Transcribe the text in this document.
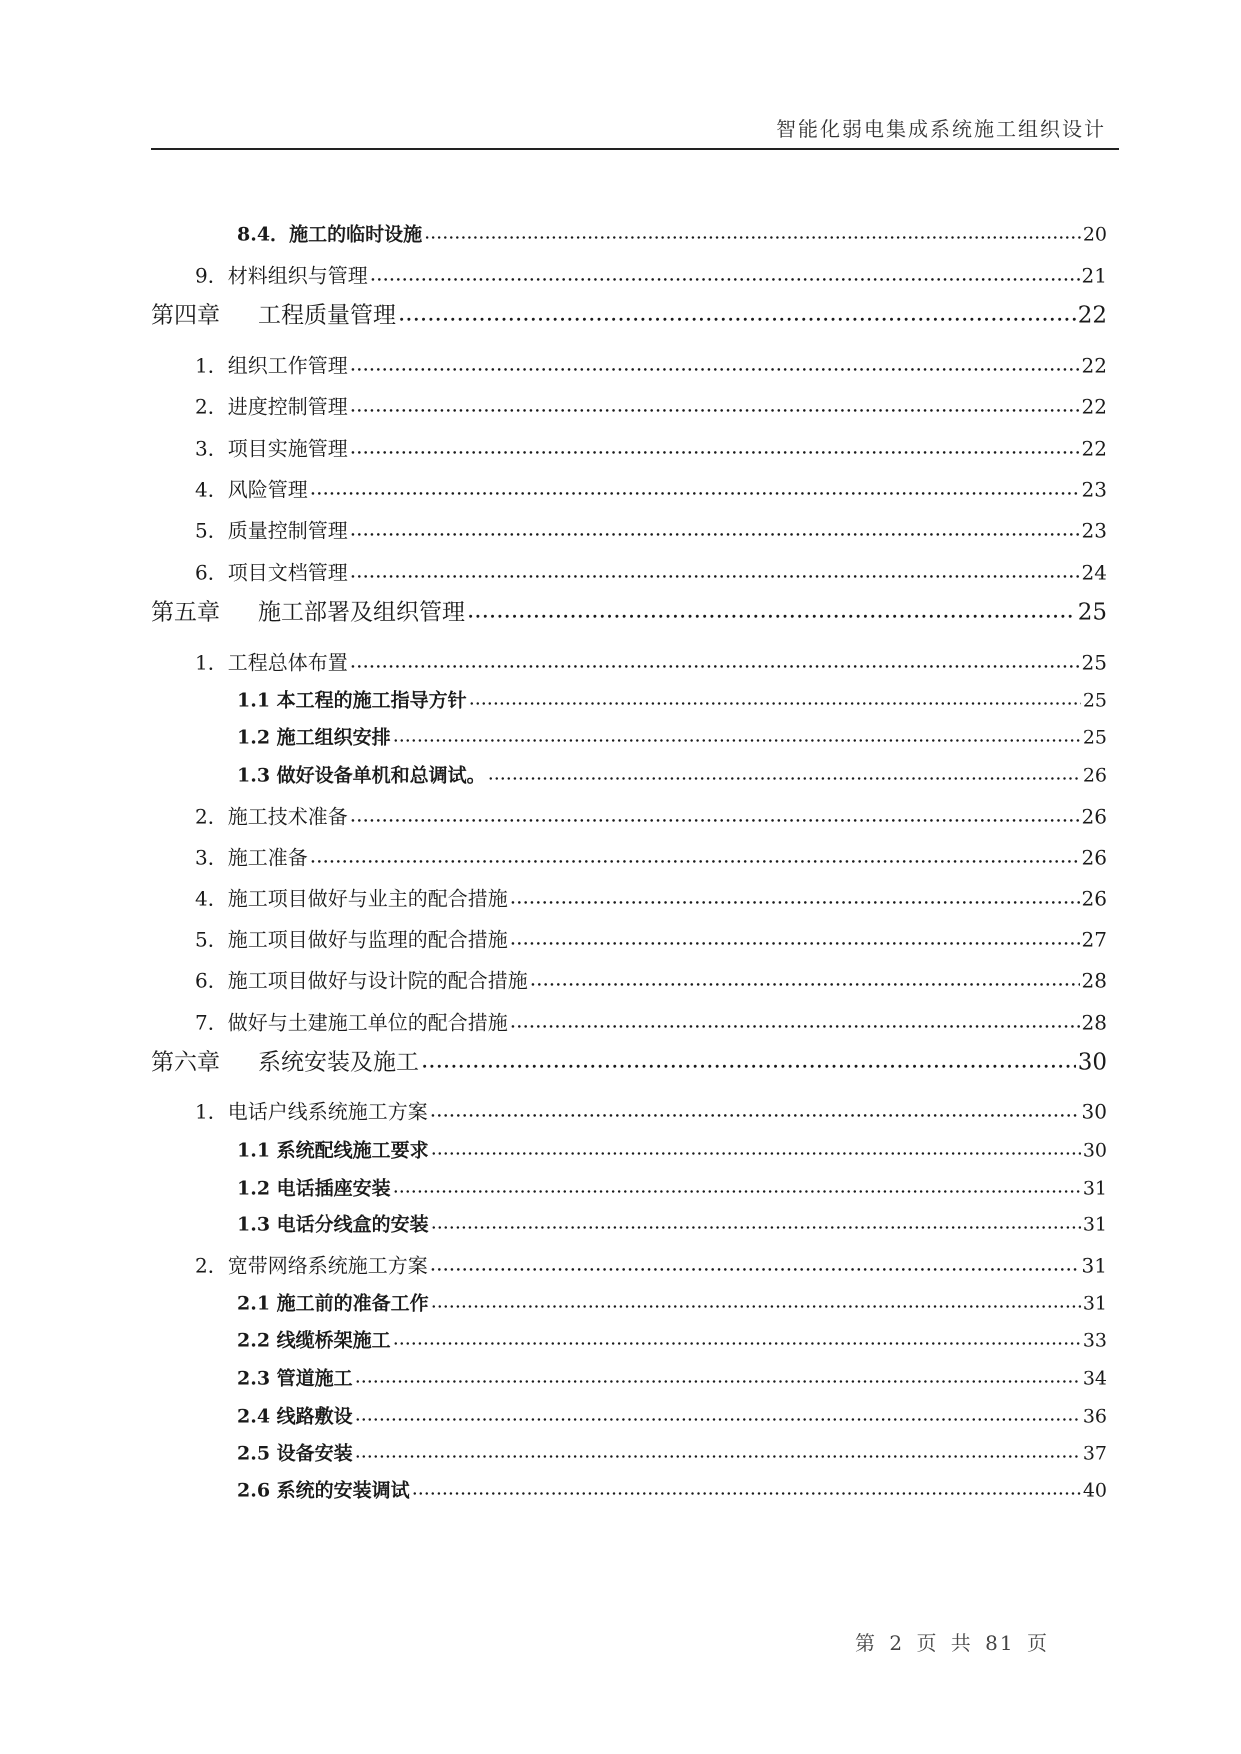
智能化弱电集成系统施工组织设计
8.4． 施工的临时设施 .....	20
9． 材料组织与管理 .....	21
第四章 工程质量管理 .....	22
1． 组织工作管理 .....	22
2． 进度控制管理 .....	22
3． 项目实施管理 .....	22
4． 风险管理 .....	23
5． 质量控制管理 .....	23
6． 项目文档管理 .....	24
第五章 施工部署及组织管理 .....	25
1． 工程总体布置 .....	25
1.1 本工程的施工指导方针 .....	25
1.2 施工组织安排 .....	25
1.3 做好设备单机和总调试。 .....	26
2． 施工技术准备 .....	26
3． 施工准备 .....	26
4． 施工项目做好与业主的配合措施 .....	26
5． 施工项目做好与监理的配合措施 .....	27
6． 施工项目做好与设计院的配合措施 .....	28
7． 做好与土建施工单位的配合措施 .....	28
第六章 系统安装及施工 .....	30
1． 电话户线系统施工方案 .....	30
1.1 系统配线施工要求 .....	30
1.2 电话插座安装 .....	31
1.3 电话分线盒的安装 .....	31
2． 宽带网络系统施工方案 .....	31
2.1 施工前的准备工作 .....	31
2.2 线缆桥架施工 .....	33
2.3 管道施工 .....	34
2.4 线路敷设 .....	36
2.5 设备安装 .....	37
2.6 系统的安装调试 .....	40
第 2 页 共 81 页
